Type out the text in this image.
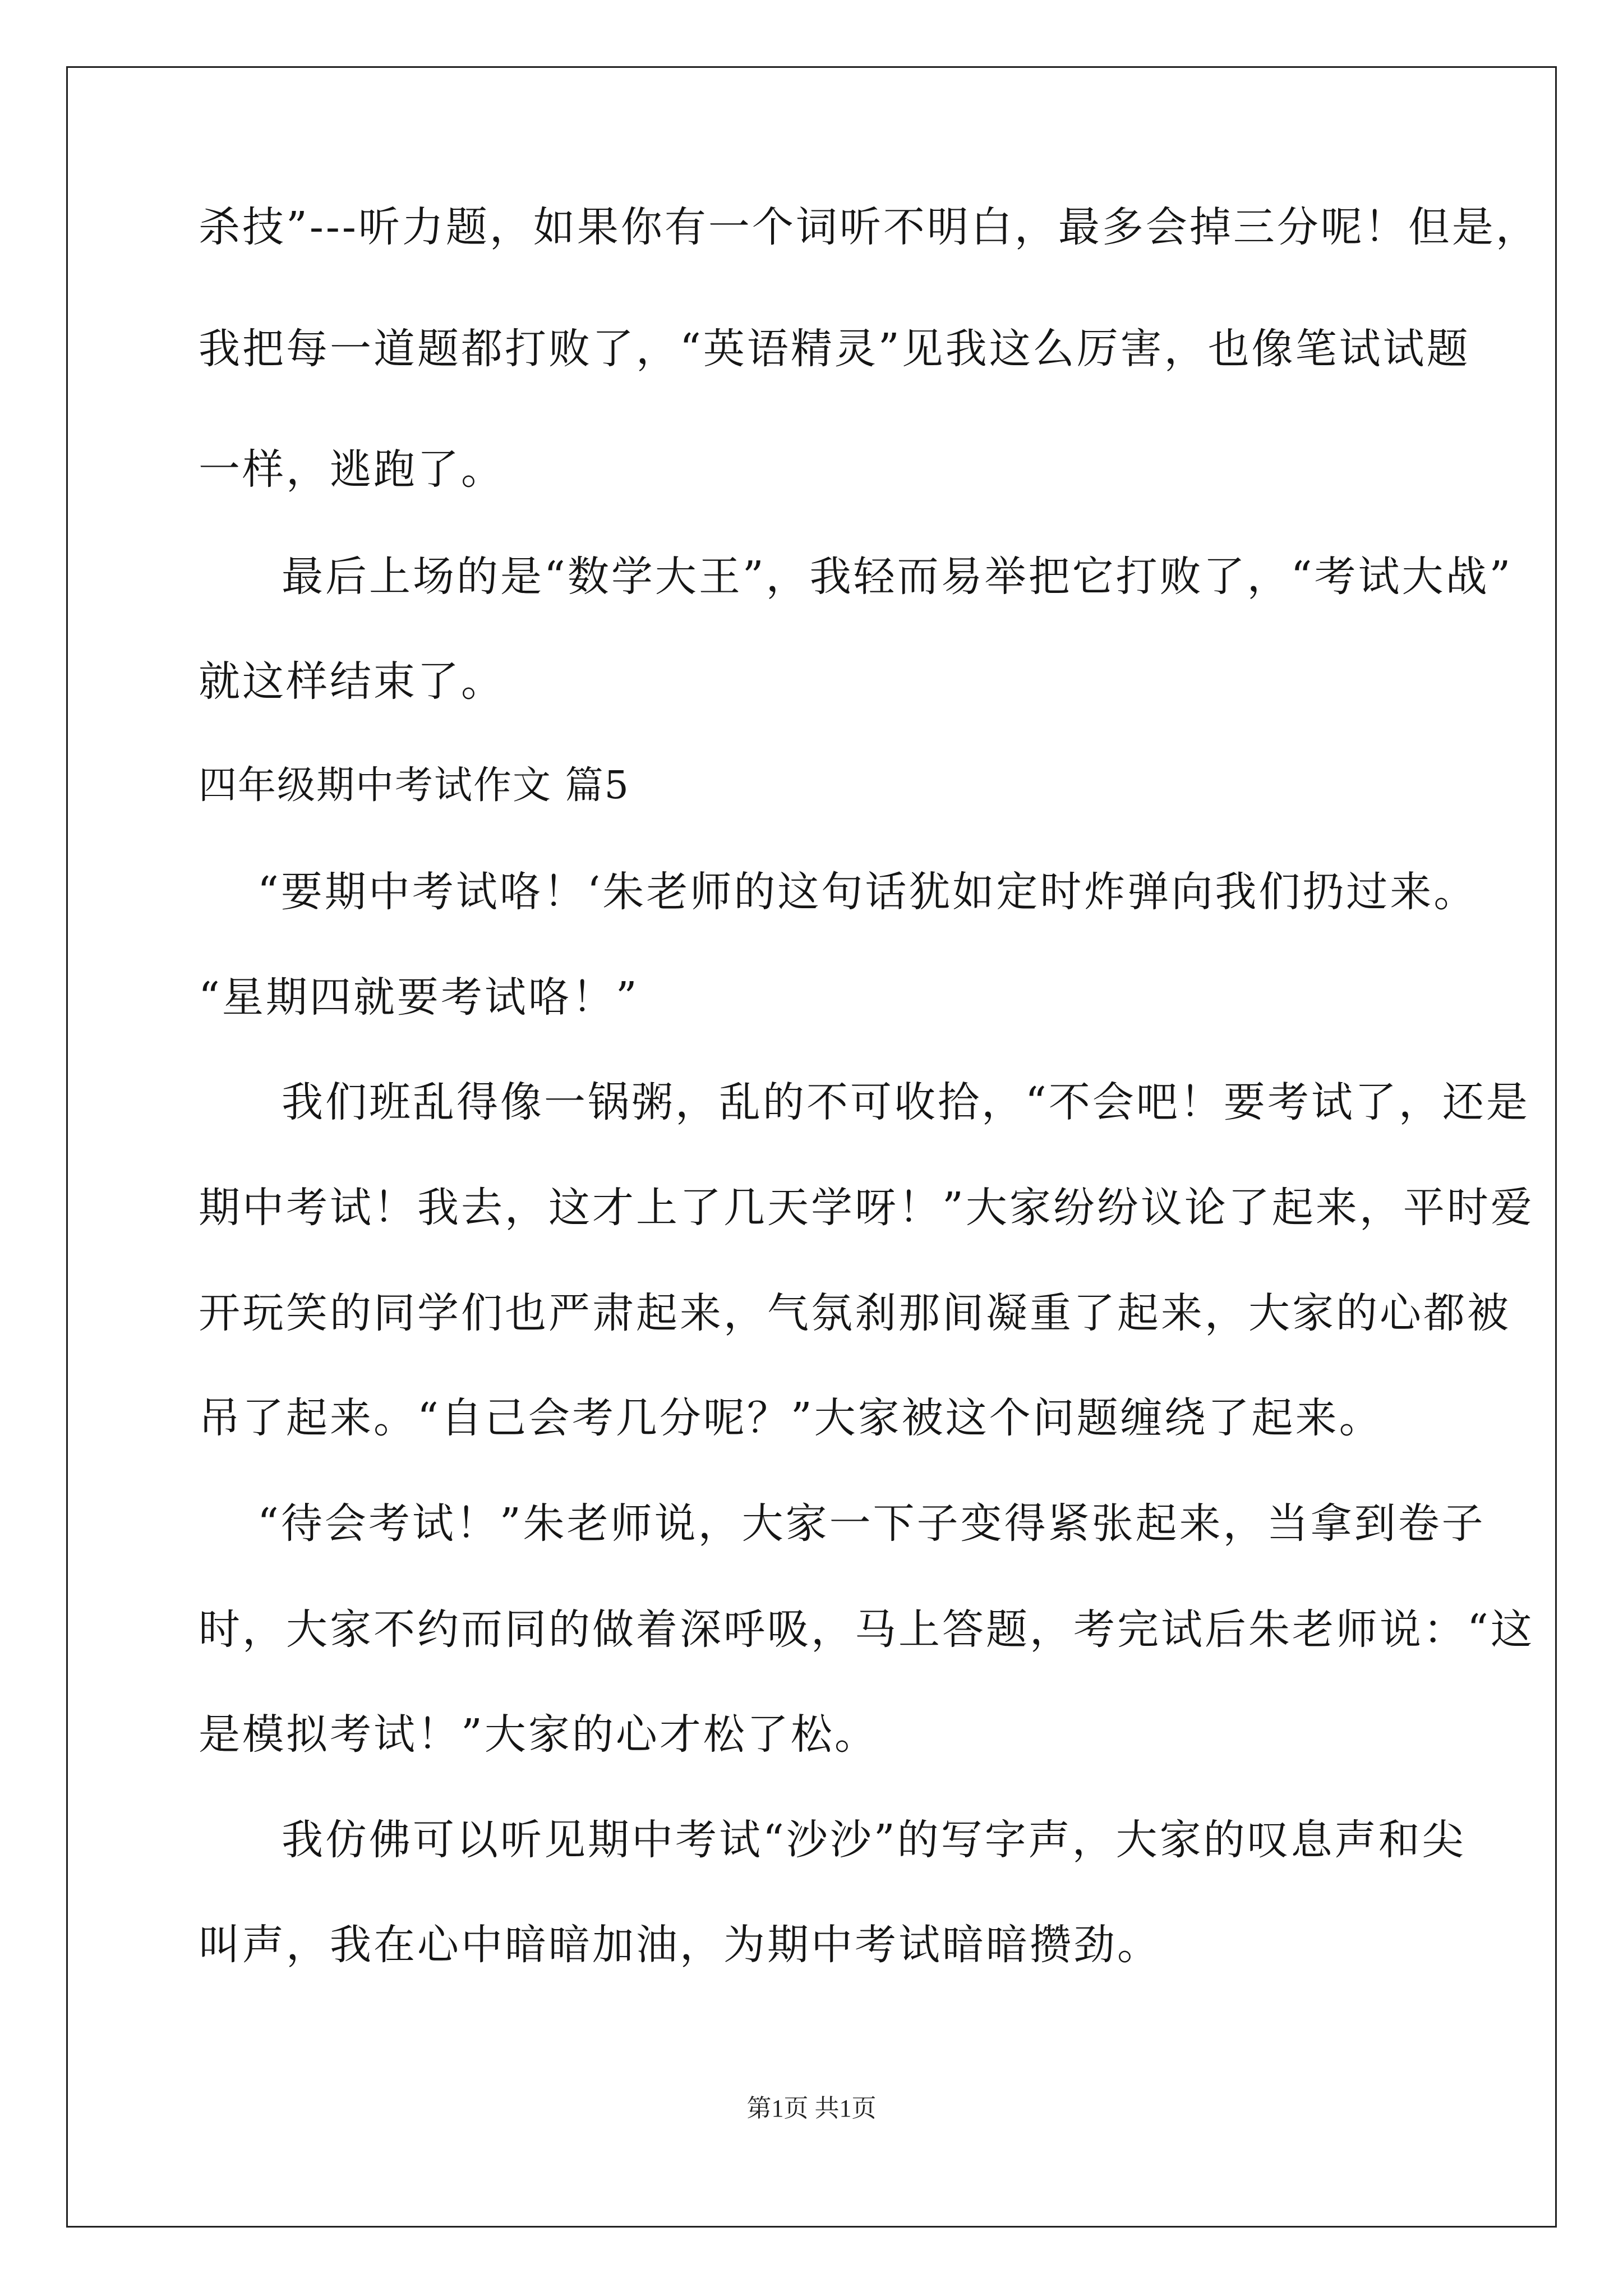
杀技”---听力题，如果你有一个词听不明白，最多会掉三分呢！但是，
我把每一道题都打败了，“英语精灵”见我这么厉害，也像笔试试题
一样，逃跑了。
最后上场的是“数学大王”，我轻而易举把它打败了，“考试大战”
就这样结束了。
四年级期中考试作文 篇5
“要期中考试咯！‘朱老师的这句话犹如定时炸弹向我们扔过来。
“星期四就要考试咯！”
我们班乱得像一锅粥，乱的不可收拾，“不会吧！要考试了，还是
期中考试！我去，这才上了几天学呀！”大家纷纷议论了起来，平时爱
开玩笑的同学们也严肃起来，气氛刹那间凝重了起来，大家的心都被
吊了起来。“自己会考几分呢？”大家被这个问题缠绕了起来。
“待会考试！”朱老师说，大家一下子变得紧张起来，当拿到卷子
时，大家不约而同的做着深呼吸，马上答题，考完试后朱老师说：“这
是模拟考试！”大家的心才松了松。
我仿佛可以听见期中考试“沙沙”的写字声，大家的叹息声和尖
叫声，我在心中暗暗加油，为期中考试暗暗攒劲。
第1页 共1页
